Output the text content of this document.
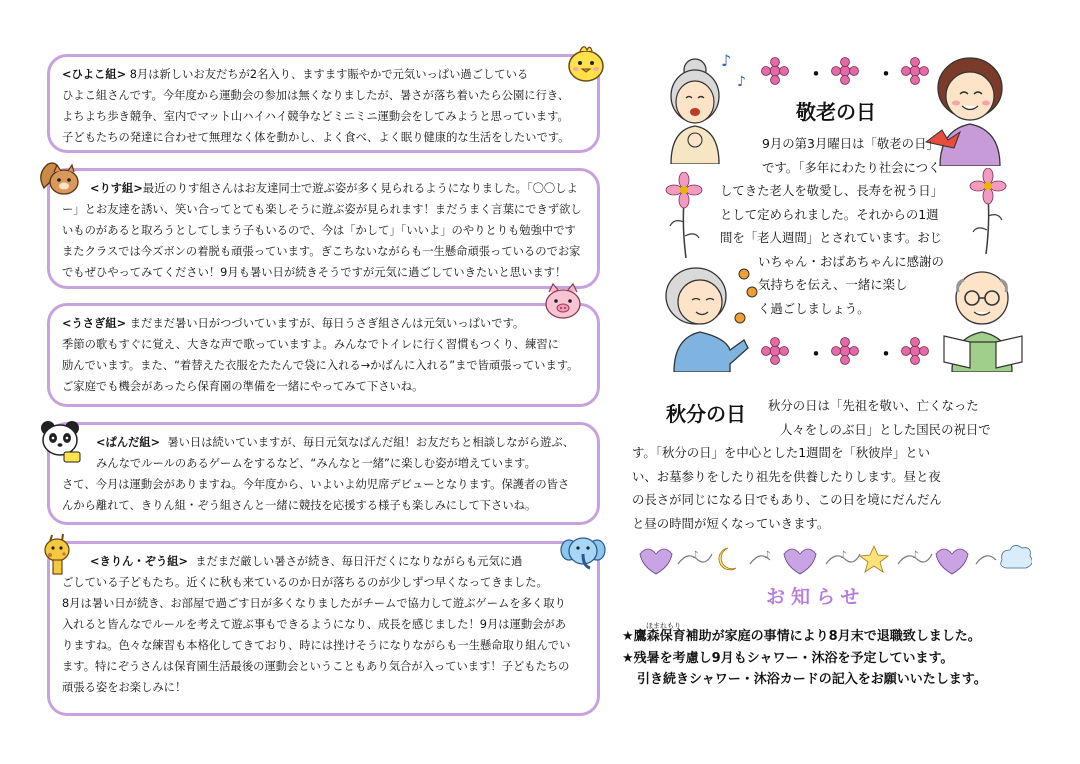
<ひよこ組> 8月は新しいお友だちが2名入り、ますます賑やかで元気いっぱい過ごしている

ひよこ組さんです。今年度から運動会の参加は無くなりましたが、暑さが落ち着いたら公園に行き、

よちよち歩き競争、室内でマット山ハイハイ競争などミニミニ運動会をしてみようと思っています。

子どもたちの発達に合わせて無理なく体を動かし、よく食べ、よく眠り健康的な生活をしたいです。

<りす組>最近のりす組さんはお友達同士で遊ぶ姿が多く見られるようになりました。「〇〇しよ

ー」とお友達を誘い、笑い合ってとても楽しそうに遊ぶ姿が見られます！まだうまく言葉にできず欲し

いものがあると取ろうとしてしまう子もいるので、今は「かして」「いいよ」のやりとりも勉強中です

またクラスでは今ズボンの着脱も頑張っています。ぎこちないながらも一生懸命頑張っているのでお家

でもぜひやってみてください！9月も暑い日が続きそうですが元気に過ごしていきたいと思います！

<うさぎ組> まだまだ暑い日がつづいていますが、毎日うさぎ組さんは元気いっぱいです。

季節の歌もすぐに覚え、大きな声で歌っていますよ。みんなでトイレに行く習慣もつくり、練習に

励んでいます。また、“着替えた衣服をたたんで袋に入れる→かばんに入れる”まで皆頑張っています。

ご家庭でも機会があったら保育園の準備を一緒にやってみて下さいね。

<ぱんだ組> 暑い日は続いていますが、毎日元気なぱんだ組！お友だちと相談しながら遊ぶ、

みんなでルールのあるゲームをするなど、“みんなと一緒”に楽しむ姿が増えています。

さて、今月は運動会がありますね。今年度から、いよいよ幼児席デビューとなります。保護者の皆さ

んから離れて、きりん組・ぞう組さんと一緒に競技を応援する様子も楽しみにして下さいね。

<きりん・ぞう組> まだまだ厳しい暑さが続き、毎日汗だくになりながらも元気に過

ごしている子どもたち。近くに秋も来ているのか日が落ちるのが少しずつ早くなってきました。

8月は暑い日が続き、お部屋で過ごす日が多くなりましたがチームで協力して遊ぶゲームを多く取り

入れると皆んなでルールを考えて遊ぶ事もできるようになり、成長を感じました！9月は運動会があ

りますね。色々な練習も本格化してきており、時には挫けそうになりながらも一生懸命取り組んでい

ます。特にぞうさんは保育園生活最後の運動会ということもあり気合が入っています！子どもたちの

頑張る姿をお楽しみに！

♪
♪	・	・
敬老の日

9月の第3月曜日は「敬老の日」

です。「多年にわたり社会につく

してきた老人を敬愛し、長寿を祝う日」

として定められました。それからの1週

間を「老人週間」とされています。おじ

いちゃん・おばあちゃんに感謝の

気持ちを伝え、一緒に楽し

く過ごしましょう。

・	・
秋分の日	秋分の日は「先祖を敬い、亡くなった

人々をしのぶ日」とした国民の祝日で

す。「秋分の日」を中心とした1週間を「秋彼岸」とい

い、お墓参りをしたり祖先を供養したりします。昼と夜

の長さが同じになる日でもあり、この日を境にだんだん

と昼の時間が短くなっていきます。

♪	♪	♪
♪
お知らせ
ほまれもり

★鷹森保育補助が家庭の事情により8月末で退職致しました。

★残暑を考慮し9月もシャワー・沐浴を予定しています。

引き続きシャワー・沐浴カードの記入をお願いいたします。
